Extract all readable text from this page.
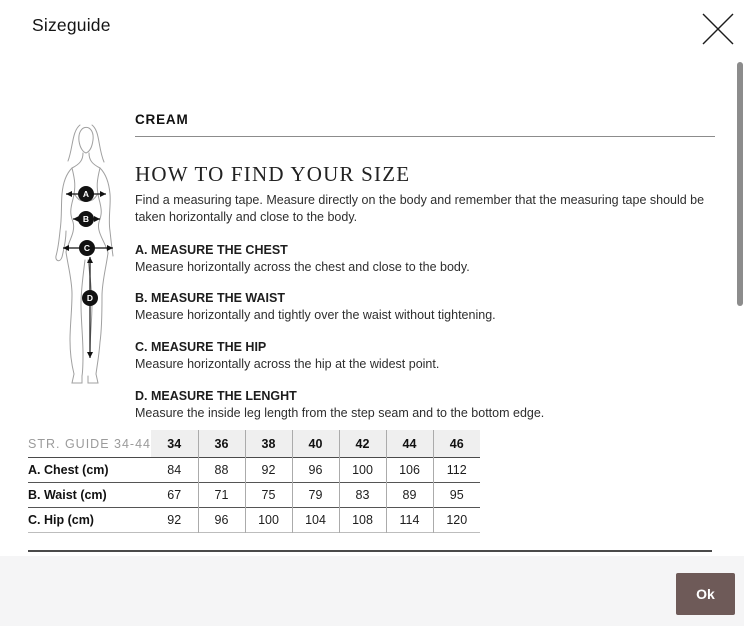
Sizeguide
A
B
C
D
CREAM
HOW TO FIND YOUR SIZE

Find a measuring tape. Measure directly on the body and remember that the measuring tape should be taken horizontally and close to the body.

A. MEASURE THE CHEST

Measure horizontally across the chest and close to the body.

B. MEASURE THE WAIST

Measure horizontally and tightly over the waist without tightening.

C. MEASURE THE HIP

Measure horizontally across the hip at the widest point.

D. MEASURE THE LENGHT

Measure the inside leg length from the step seam and to the bottom edge.

STR. GUIDE 34-44	34	36	38	40	42	44	46
A. Chest (cm)	84	88	92	96	100	106	112
B. Waist (cm)	67	71	75	79	83	89	95
C. Hip (cm)	92	96	100	104	108	114	120
Ok
